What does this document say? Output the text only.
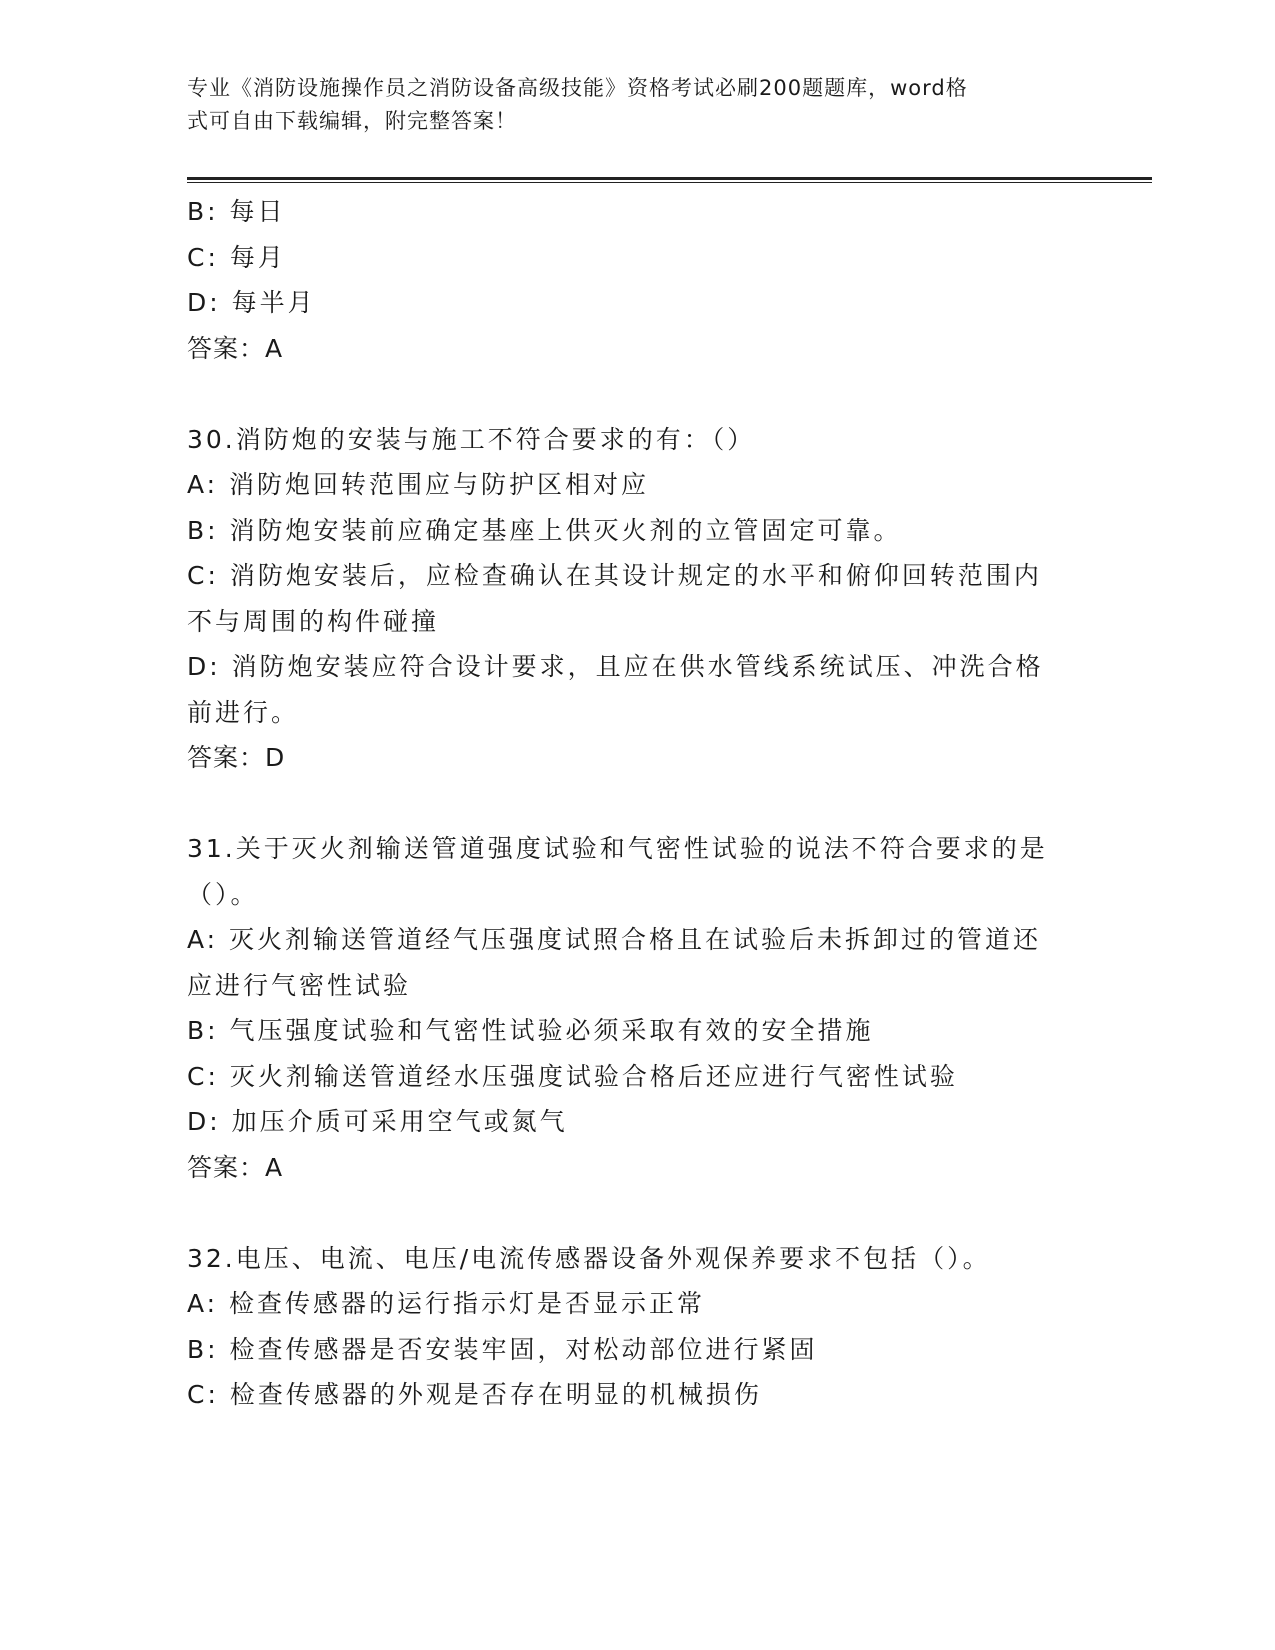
专业《消防设施操作员之消防设备高级技能》资格考试必刷200题题库，word格
式可自由下载编辑，附完整答案！
B: 每日
C: 每月
D: 每半月
答案：A
30.消防炮的安装与施工不符合要求的有：（）
A: 消防炮回转范围应与防护区相对应
B: 消防炮安装前应确定基座上供灭火剂的立管固定可靠。
C: 消防炮安装后，应检查确认在其设计规定的水平和俯仰回转范围内
不与周围的构件碰撞
D: 消防炮安装应符合设计要求，且应在供水管线系统试压、冲洗合格
前进行。
答案：D
31.关于灭火剂输送管道强度试验和气密性试验的说法不符合要求的是
（）。
A: 灭火剂输送管道经气压强度试照合格且在试验后未拆卸过的管道还
应进行气密性试验
B: 气压强度试验和气密性试验必须采取有效的安全措施
C: 灭火剂输送管道经水压强度试验合格后还应进行气密性试验
D: 加压介质可采用空气或氮气
答案：A
32.电压、电流、电压/电流传感器设备外观保养要求不包括（）。
A: 检查传感器的运行指示灯是否显示正常
B: 检查传感器是否安装牢固，对松动部位进行紧固
C: 检查传感器的外观是否存在明显的机械损伤
